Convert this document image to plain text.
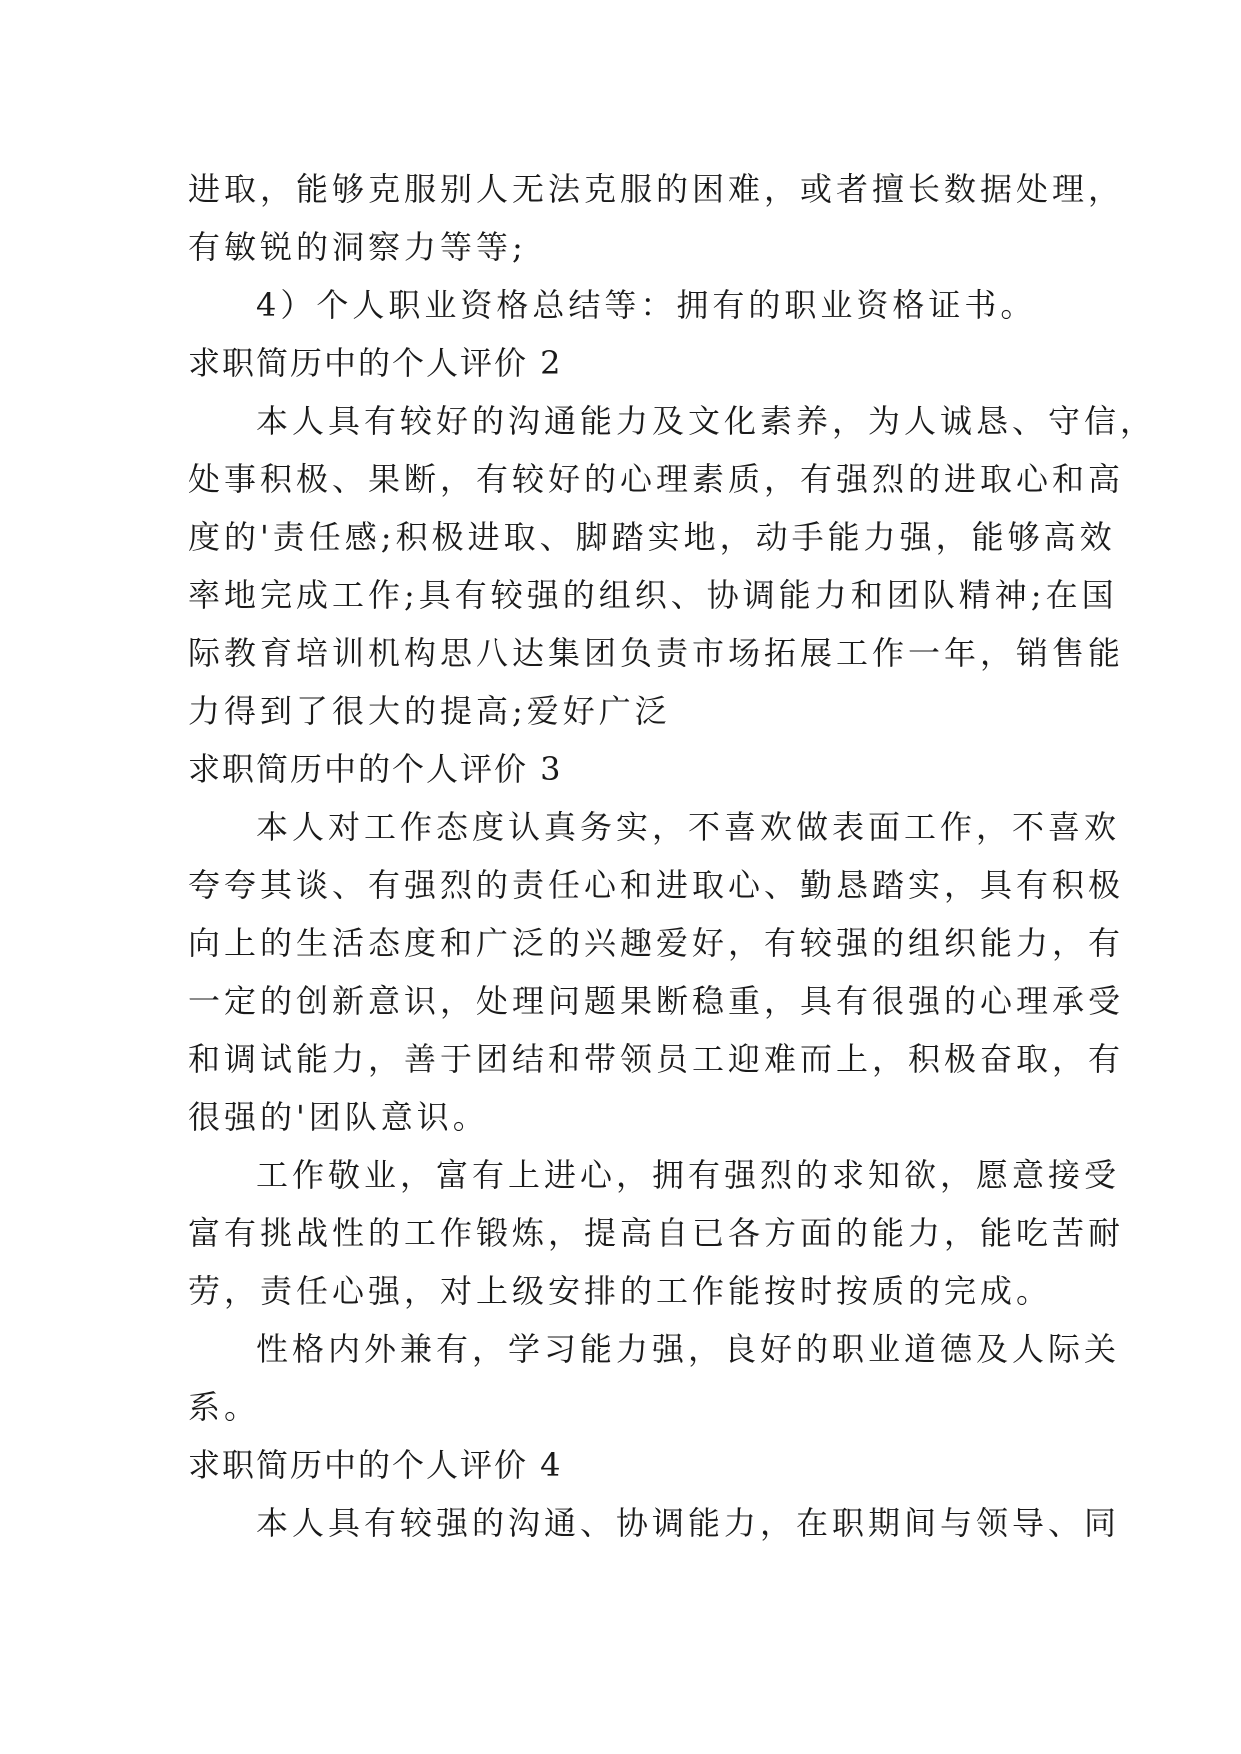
进取，能够克服别人无法克服的困难，或者擅长数据处理，
有敏锐的洞察力等等;
4）个人职业资格总结等：拥有的职业资格证书。
求职简历中的个人评价 2
本人具有较好的沟通能力及文化素养，为人诚恳、守信，
处事积极、果断，有较好的心理素质，有强烈的进取心和高
度的'责任感;积极进取、脚踏实地，动手能力强，能够高效
率地完成工作;具有较强的组织、协调能力和团队精神;在国
际教育培训机构思八达集团负责市场拓展工作一年，销售能
力得到了很大的提高;爱好广泛
求职简历中的个人评价 3
本人对工作态度认真务实，不喜欢做表面工作，不喜欢
夸夸其谈、有强烈的责任心和进取心、勤恳踏实，具有积极
向上的生活态度和广泛的兴趣爱好，有较强的组织能力，有
一定的创新意识，处理问题果断稳重，具有很强的心理承受
和调试能力，善于团结和带领员工迎难而上，积极奋取，有
很强的'团队意识。
工作敬业，富有上进心，拥有强烈的求知欲，愿意接受
富有挑战性的工作锻炼，提高自已各方面的能力，能吃苦耐
劳，责任心强，对上级安排的工作能按时按质的完成。
性格内外兼有，学习能力强，良好的职业道德及人际关
系。
求职简历中的个人评价 4
本人具有较强的沟通、协调能力，在职期间与领导、同
